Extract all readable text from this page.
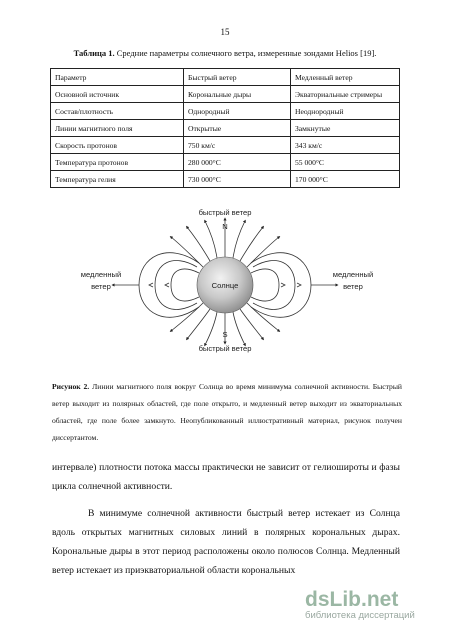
15
Таблица 1. Средние параметры солнечного ветра, измеренные зондами Helios [19].
Параметр	Быстрый ветер	Медленный ветер
Основной источник	Корональные дыры	Экваториальные стримеры
Состав/плотность	Однородный	Неоднородный
Линии магнитного поля	Открытые	Замкнутые
Скорость протонов	750 км/с	343 км/с
Температура протонов	280 000°C	55 000°C
Температура гелия	730 000°C	170 000°C
Солнце
быстрый ветер
N
S
быстрый ветер
медленный
ветер
медленный
ветер
Рисунок 2. Линии магнитного поля вокруг Солнца во время минимума солнечной активности. Быстрый ветер выходит из полярных областей, где поле открыто, и медленный ветер выходит из экваториальных областей, где поле более замкнуто. Неопубликованный иллюстративный материал, рисунок получен диссертантом.

интервале) плотности потока массы практически не зависит от гелиошироты и фазы цикла солнечной активности.

В минимуме солнечной активности быстрый ветер истекает из Солнца вдоль открытых магнитных силовых линий в полярных корональных дырах. Корональные дыры в этот период расположены около полюсов Солнца. Медленный ветер истекает из приэкваториальной области корональных

dsLib.net
библиотека диссертаций
